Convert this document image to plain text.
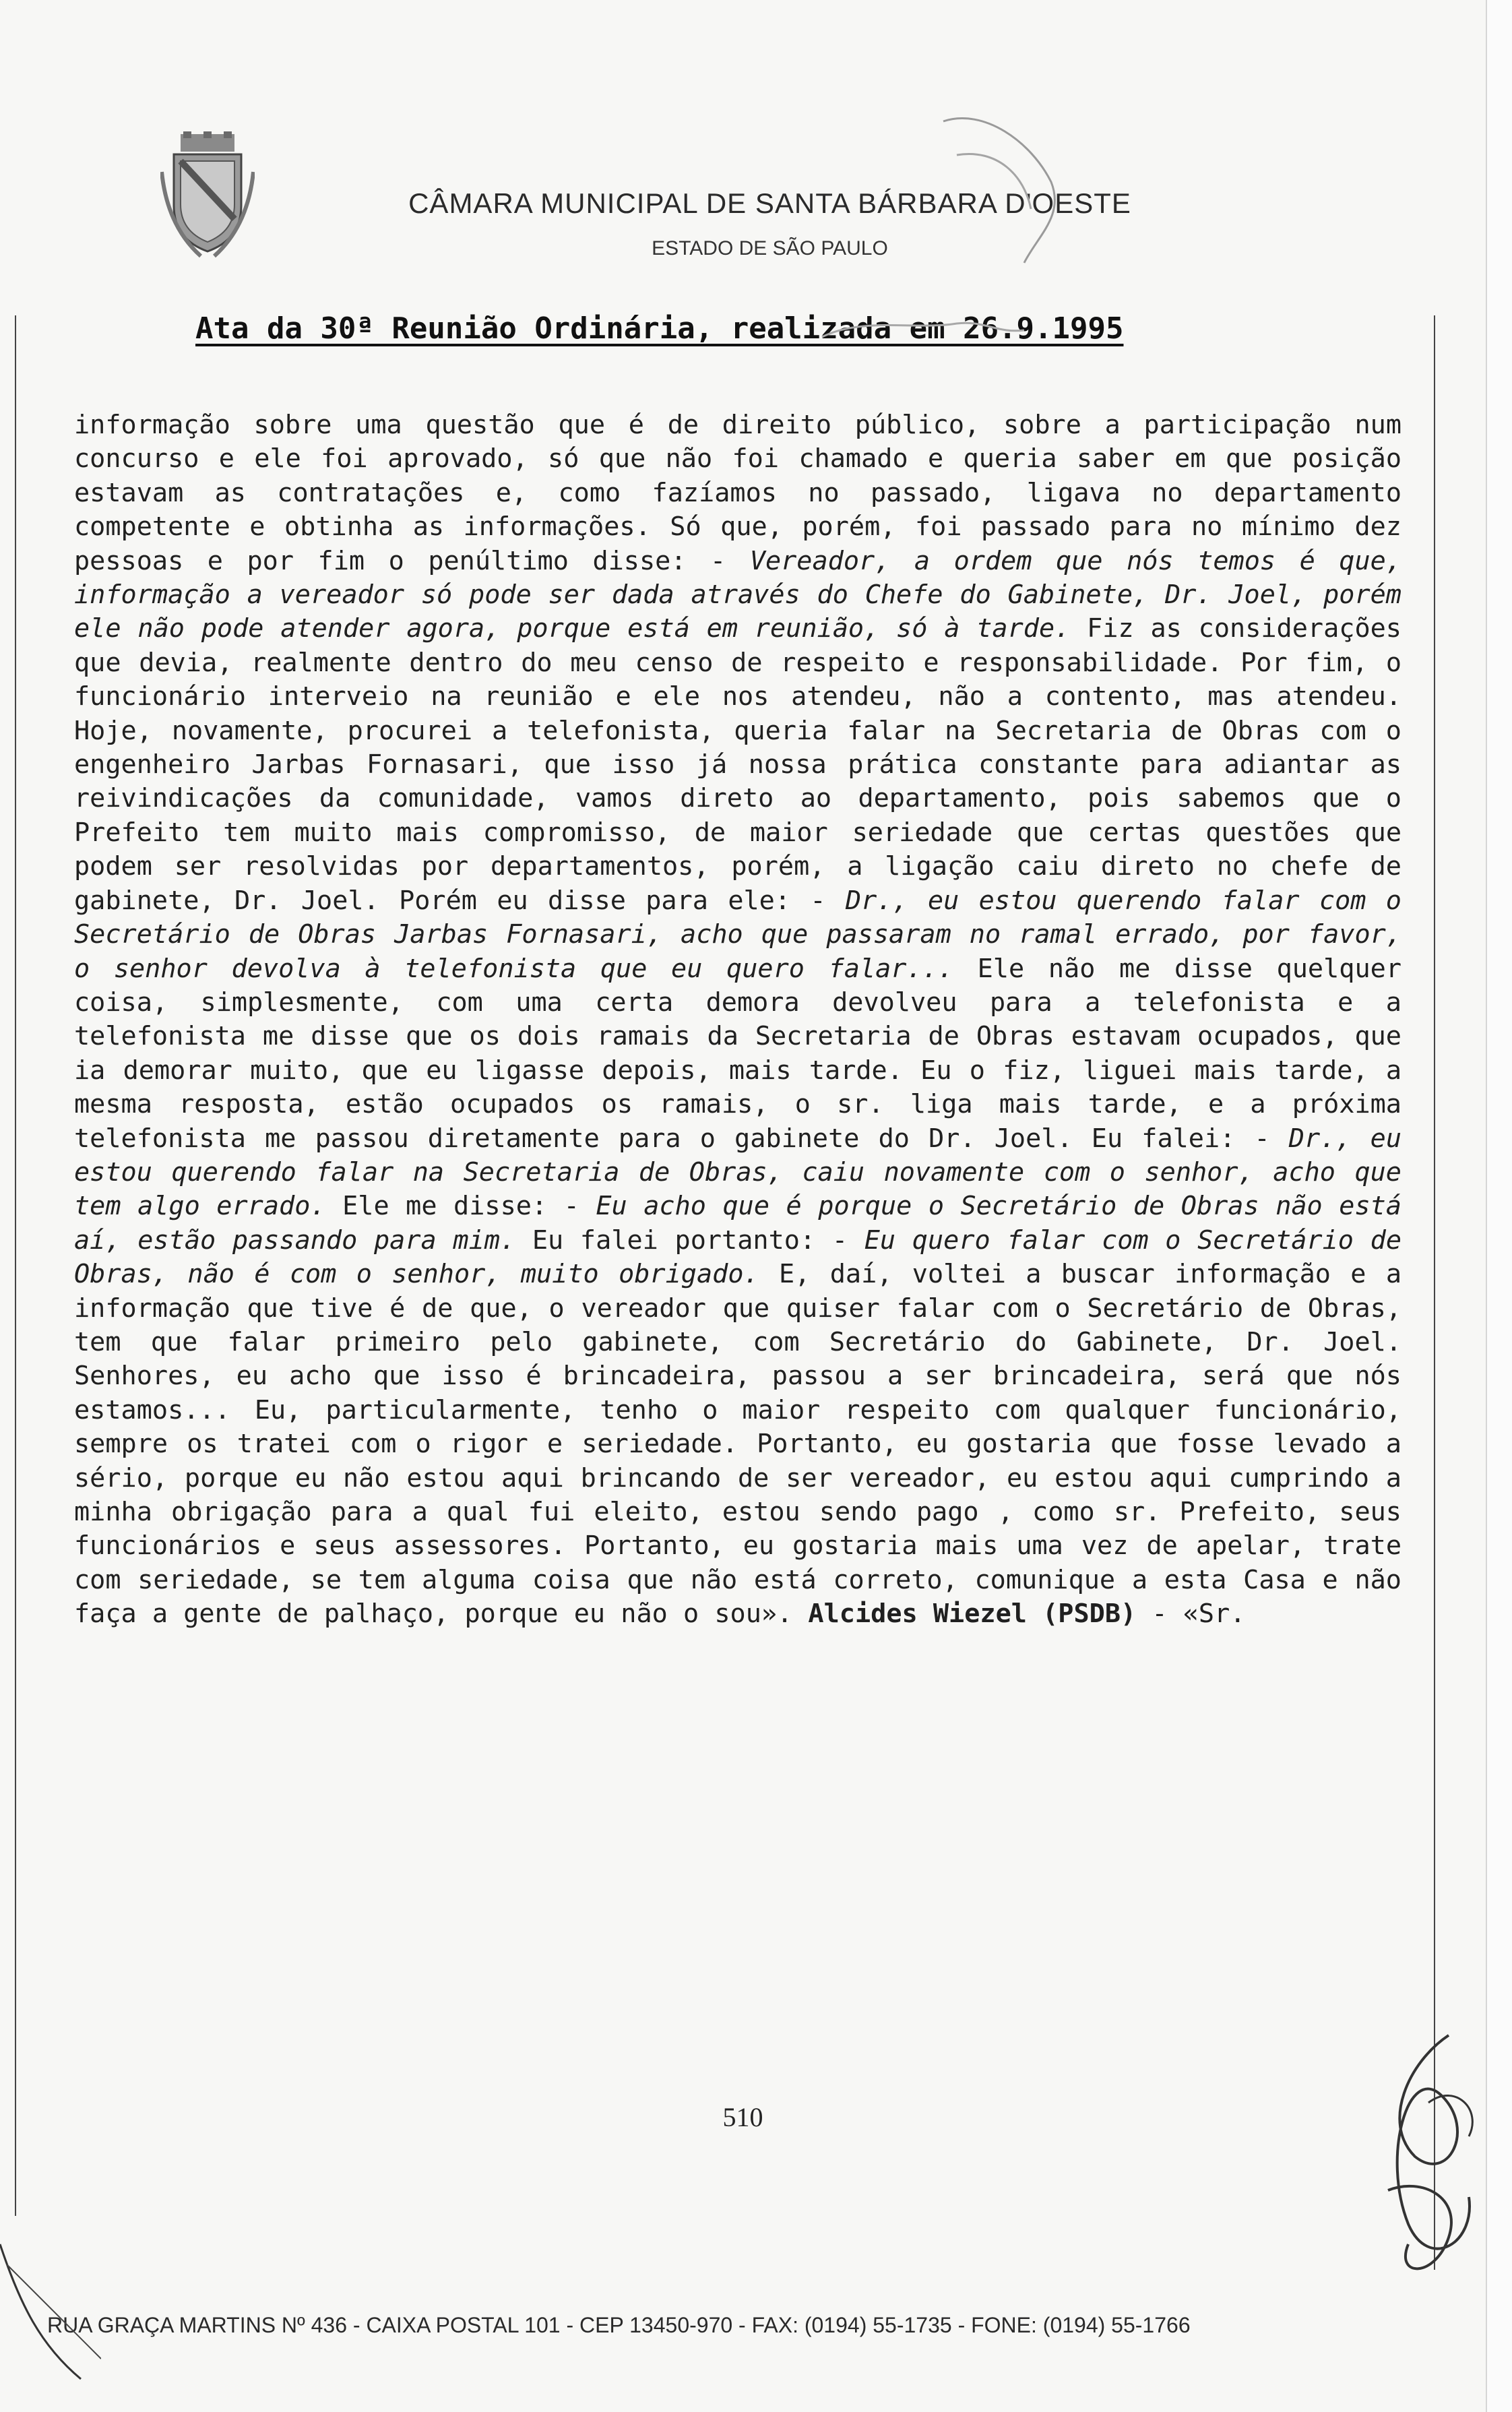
CÂMARA MUNICIPAL DE SANTA BÁRBARA D'OESTE
ESTADO DE SÃO PAULO
Ata da 30ª Reunião Ordinária, realizada em 26.9.1995

informação sobre uma questão que é de direito público, sobre a participação num concurso e ele foi aprovado, só que não foi chamado e queria saber em que posição estavam as contratações e, como fazíamos no passado, ligava no departamento competente e obtinha as informações. Só que, porém, foi passado para no mínimo dez pessoas e por fim o penúltimo disse: - Vereador, a ordem que nós temos é que, informação a vereador só pode ser dada através do Chefe do Gabinete, Dr. Joel, porém ele não pode atender agora, porque está em reunião, só à tarde. Fiz as considerações que devia, realmente dentro do meu censo de respeito e responsabilidade. Por fim, o funcionário interveio na reunião e ele nos atendeu, não a contento, mas atendeu. Hoje, novamente, procurei a telefonista, queria falar na Secretaria de Obras com o engenheiro Jarbas Fornasari, que isso já nossa prática constante para adiantar as reivindicações da comunidade, vamos direto ao departamento, pois sabemos que o Prefeito tem muito mais compromisso, de maior seriedade que certas questões que podem ser resolvidas por departamentos, porém, a ligação caiu direto no chefe de gabinete, Dr. Joel. Porém eu disse para ele: - Dr., eu estou querendo falar com o Secretário de Obras Jarbas Fornasari, acho que passaram no ramal errado, por favor, o senhor devolva à telefonista que eu quero falar... Ele não me disse quelquer coisa, simplesmente, com uma certa demora devolveu para a telefonista e a telefonista me disse que os dois ramais da Secretaria de Obras estavam ocupados, que ia demorar muito, que eu ligasse depois, mais tarde. Eu o fiz, liguei mais tarde, a mesma resposta, estão ocupados os ramais, o sr. liga mais tarde, e a próxima telefonista me passou diretamente para o gabinete do Dr. Joel. Eu falei: - Dr., eu estou querendo falar na Secretaria de Obras, caiu novamente com o senhor, acho que tem algo errado. Ele me disse: - Eu acho que é porque o Secretário de Obras não está aí, estão passando para mim. Eu falei portanto: - Eu quero falar com o Secretário de Obras, não é com o senhor, muito obrigado. E, daí, voltei a buscar informação e a informação que tive é de que, o vereador que quiser falar com o Secretário de Obras, tem que falar primeiro pelo gabinete, com Secretário do Gabinete, Dr. Joel. Senhores, eu acho que isso é brincadeira, passou a ser brincadeira, será que nós estamos... Eu, particularmente, tenho o maior respeito com qualquer funcionário, sempre os tratei com o rigor e seriedade. Portanto, eu gostaria que fosse levado a sério, porque eu não estou aqui brincando de ser vereador, eu estou aqui cumprindo a minha obrigação para a qual fui eleito, estou sendo pago , como sr. Prefeito, seus funcionários e seus assessores. Portanto, eu gostaria mais uma vez de apelar, trate com seriedade, se tem alguma coisa que não está correto, comunique a esta Casa e não faça a gente de palhaço, porque eu não o sou». Alcides Wiezel (PSDB) - «Sr.

510
RUA GRAÇA MARTINS Nº 436 - CAIXA POSTAL 101 - CEP 13450-970 - FAX: (0194) 55-1735 - FONE: (0194) 55-1766
